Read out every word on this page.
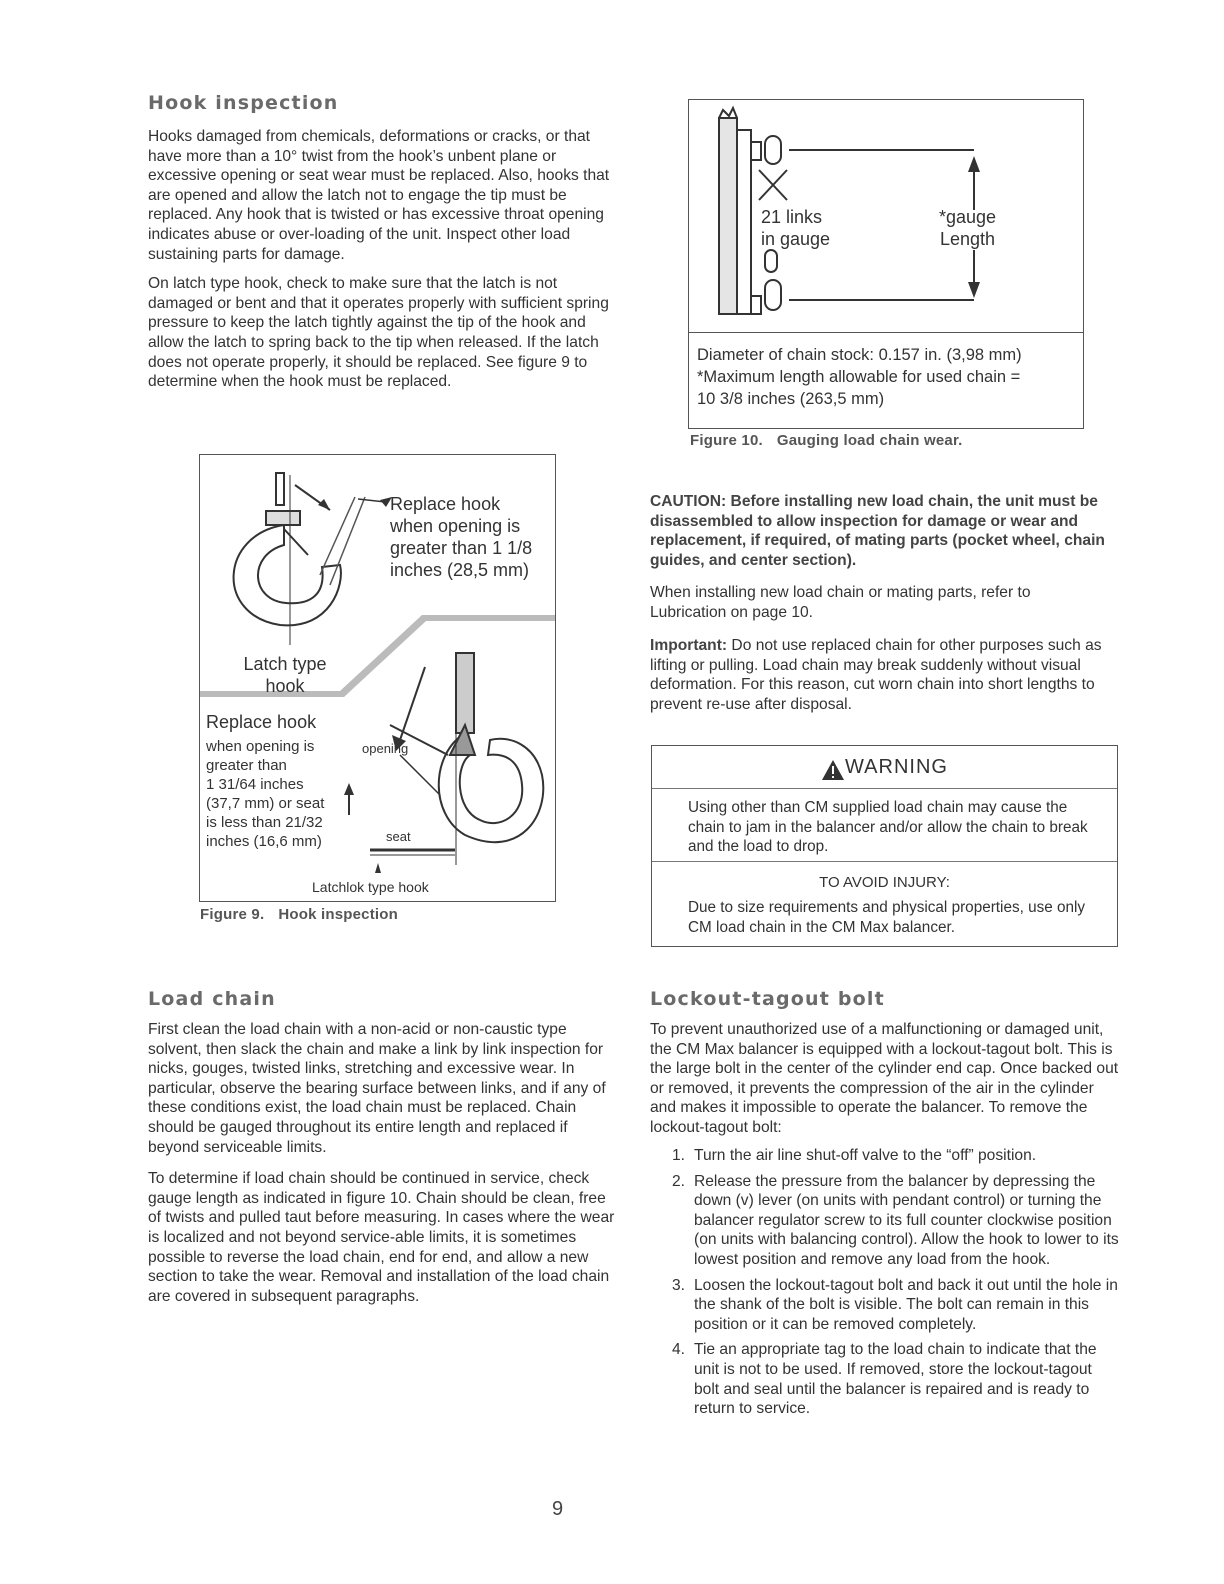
Hook inspection

Hooks damaged from chemicals, deformations or cracks, or that have more than a 10° twist from the hook’s unbent plane or excessive opening or seat wear must be replaced. Also, hooks that are opened and allow the latch not to engage the tip must be replaced. Any hook that is twisted or has excessive throat opening indicates abuse or over-loading of the unit. Inspect other load sustaining parts for damage.

On latch type hook, check to make sure that the latch is not damaged or bent and that it operates properly with sufficient spring pressure to keep the latch tightly against the tip of the hook and allow the latch to spring back to the tip when released. If the latch does not operate properly, it should be replaced. See figure 9 to determine when the hook must be replaced.

Replace hook
when opening is
greater than 1 1/8
inches (28,5 mm)
Latch type
hook
Replace hook
when opening is
greater than
1 31/64 inches
(37,7 mm) or seat
is less than 21/32
inches (16,6 mm)
opening
seat
Latchlok type hook
Figure 9. Hook inspection
Load chain

First clean the load chain with a non-acid or non-caustic type solvent, then slack the chain and make a link by link inspection for nicks, gouges, twisted links, stretching and excessive wear. In particular, observe the bearing surface between links, and if any of these conditions exist, the load chain must be replaced. Chain should be gauged throughout its entire length and replaced if beyond serviceable limits.

To determine if load chain should be continued in service, check gauge length as indicated in figure 10. Chain should be clean, free of twists and pulled taut before measuring. In cases where the wear is localized and not beyond service-able limits, it is sometimes possible to reverse the load chain, end for end, and allow a new section to take the wear. Removal and installation of the load chain are covered in subsequent paragraphs.

21 links
in gauge
*gauge
Length
Diameter of chain stock: 0.157 in. (3,98 mm)
*Maximum length allowable for used chain =
10 3/8 inches (263,5 mm)
Figure 10. Gauging load chain wear.
CAUTION: Before installing new load chain, the unit must be disassembled to allow inspection for damage or wear and replacement, if required, of mating parts (pocket wheel, chain guides, and center section).
When installing new load chain or mating parts, refer to Lubrication on page 10.
Important: Do not use replaced chain for other purposes such as lifting or pulling. Load chain may break suddenly without visual deformation. For this reason, cut worn chain into short lengths to prevent re-use after disposal.
WARNING
Using other than CM supplied load chain may cause the chain to jam in the balancer and/or allow the chain to break and the load to drop.
TO AVOID INJURY:
Due to size requirements and physical properties, use only CM load chain in the CM Max balancer.
Lockout-tagout bolt
To prevent unauthorized use of a malfunctioning or damaged unit, the CM Max balancer is equipped with a lockout-tagout bolt. This is the large bolt in the center of the cylinder end cap. Once backed out or removed, it prevents the compression of the air in the cylinder and makes it impossible to operate the balancer. To remove the lockout-tagout bolt:
1. Turn the air line shut-off valve to the “off” position.
2. Release the pressure from the balancer by depressing the down (v) lever (on units with pendant control) or turning the balancer regulator screw to its full counter clockwise position (on units with balancing control). Allow the hook to lower to its lowest position and remove any load from the hook.
3. Loosen the lockout-tagout bolt and back it out until the hole in the shank of the bolt is visible. The bolt can remain in this position or it can be removed completely.
4. Tie an appropriate tag to the load chain to indicate that the unit is not to be used. If removed, store the lockout-tagout bolt and seal until the balancer is repaired and is ready to return to service.
9
